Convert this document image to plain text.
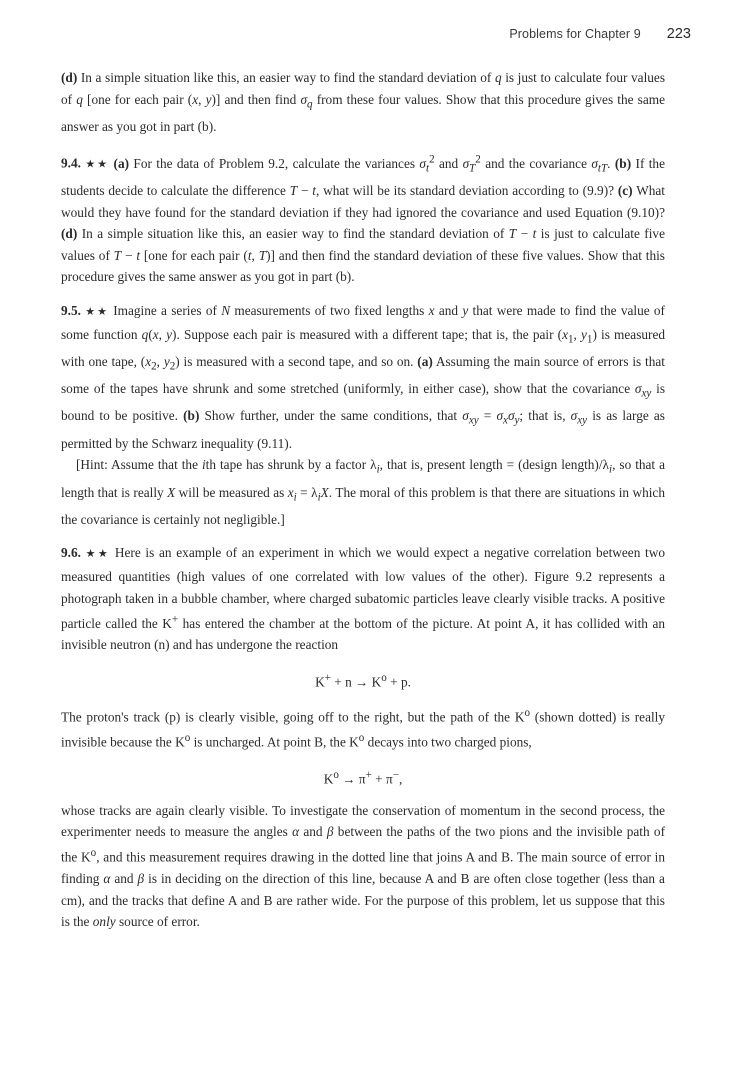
Problems for Chapter 9 223

(d) In a simple situation like this, an easier way to find the standard deviation of q is just to calculate four values of q [one for each pair (x, y)] and then find $\sigma_q$ from these four values. Show that this procedure gives the same answer as you got in part (b).

9.4. ★★ (a) For the data of Problem 9.2, calculate the variances $\sigma_t^2$ and $\sigma_T^2$ and the covariance $\sigma_{tT}$. (b) If the students decide to calculate the difference T − t, what will be its standard deviation according to (9.9)? (c) What would they have found for the standard deviation if they had ignored the covariance and used Equation (9.10)? (d) In a simple situation like this, an easier way to find the standard deviation of T − t is just to calculate five values of T − t [one for each pair (t, T)] and then find the standard deviation of these five values. Show that this procedure gives the same answer as you got in part (b).

9.5. ★★ Imagine a series of N measurements of two fixed lengths x and y that were made to find the value of some function q(x, y). Suppose each pair is measured with a different tape; that is, the pair ($x_1$, $y_1$) is measured with one tape, ($x_2$, $y_2$) is measured with a second tape, and so on. (a) Assuming the main source of errors is that some of the tapes have shrunk and some stretched (uniformly, in either case), show that the covariance $\sigma_{xy}$ is bound to be positive. (b) Show further, under the same conditions, that $\sigma_{xy} = \sigma_x\sigma_y$; that is, $\sigma_{xy}$ is as large as permitted by the Schwarz inequality (9.11).

[Hint: Assume that the ith tape has shrunk by a factor $\lambda_i$, that is, present length = (design $length)/\lambda_i$, so that a length that is really X will be measured as $x_i = \lambda_iX$. The moral of this problem is that there are situations in which the covariance is certainly not negligible.]

9.6. ★★ Here is an example of an experiment in which we would expect a negative correlation between two measured quantities (high values of one correlated with low values of the other). Figure 9.2 represents a photograph taken in a bubble chamber, where charged subatomic particles leave clearly visible tracks. A positive particle called the K+ has entered the chamber at the bottom of the picture. At point A, it has collided with an invisible neutron (n) and has undergone the reaction

$K^+ + n \to K^o + p$.

The proton's track (p) is clearly visible, going off to the right, but the path of the $K^o$ (shown dotted) is really invisible because the $K^o$ is uncharged. At point B, the $K^o$ decays into two charged pions,

$K^o \to \pi^+ + \pi^-$,

whose tracks are again clearly visible. To investigate the conservation of momentum in the second process, the experimenter needs to measure the angles α and β between the paths of the two pions and the invisible path of the $K^o$, and this measurement requires drawing in the dotted line that joins A and B. The main source of error in finding α and β is in deciding on the direction of this line, because A and B are often close together (less than a cm), and the tracks that define A and B are rather wide. For the purpose of this problem, let us suppose that this is the only source of error.
